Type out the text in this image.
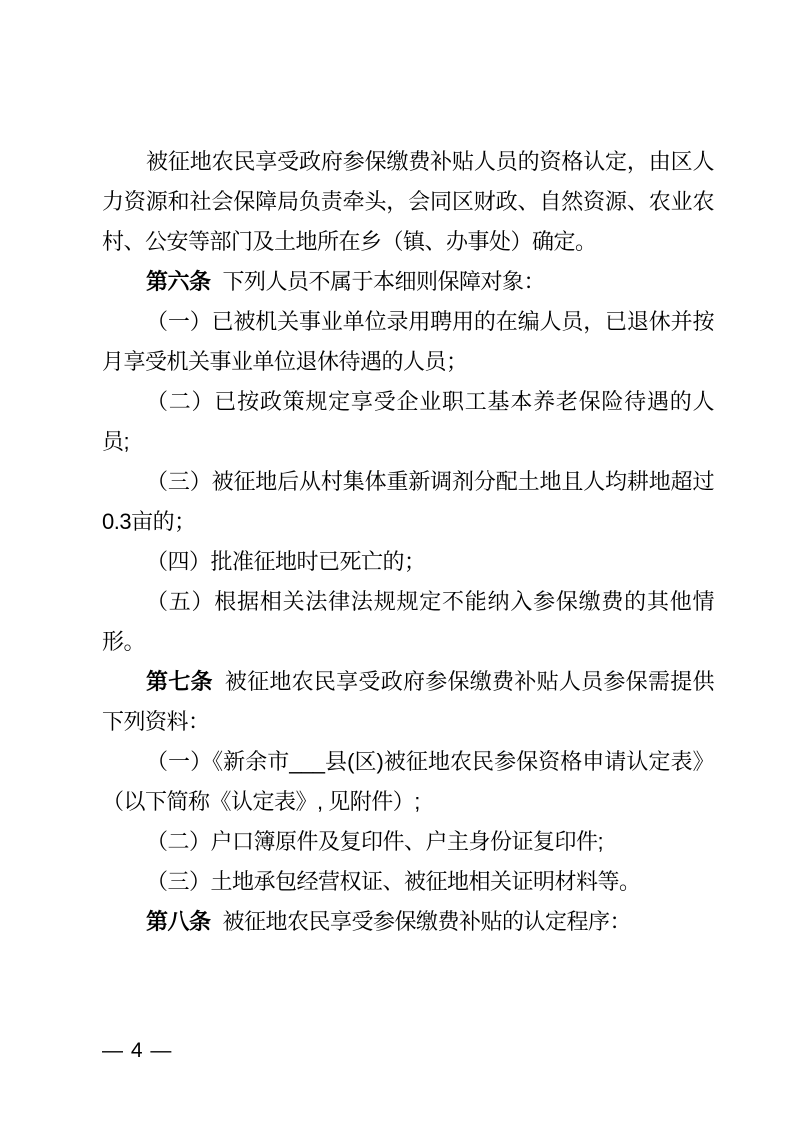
被征地农民享受政府参保缴费补贴人员的资格认定，由区人
力资源和社会保障局负责牵头，会同区财政、自然资源、农业农
村、公安等部门及土地所在乡（镇、办事处）确定。
第六条 下列人员不属于本细则保障对象：
（一）已被机关事业单位录用聘用的在编人员，已退休并按
月享受机关事业单位退休待遇的人员；
（二）已按政策规定享受企业职工基本养老保险待遇的人
员;
（三）被征地后从村集体重新调剂分配土地且人均耕地超过
0.3亩的；
（四）批准征地时已死亡的；
（五）根据相关法律法规规定不能纳入参保缴费的其他情
形。
第七条 被征地农民享受政府参保缴费补贴人员参保需提供
下列资料：
（一）《新余市___县(区)被征地农民参保资格申请认定表》
（以下简称《认定表》, 见附件）;
（二）户口簿原件及复印件、户主身份证复印件;
（三）土地承包经营权证、被征地相关证明材料等。
第八条 被征地农民享受参保缴费补贴的认定程序：
— 4 —
